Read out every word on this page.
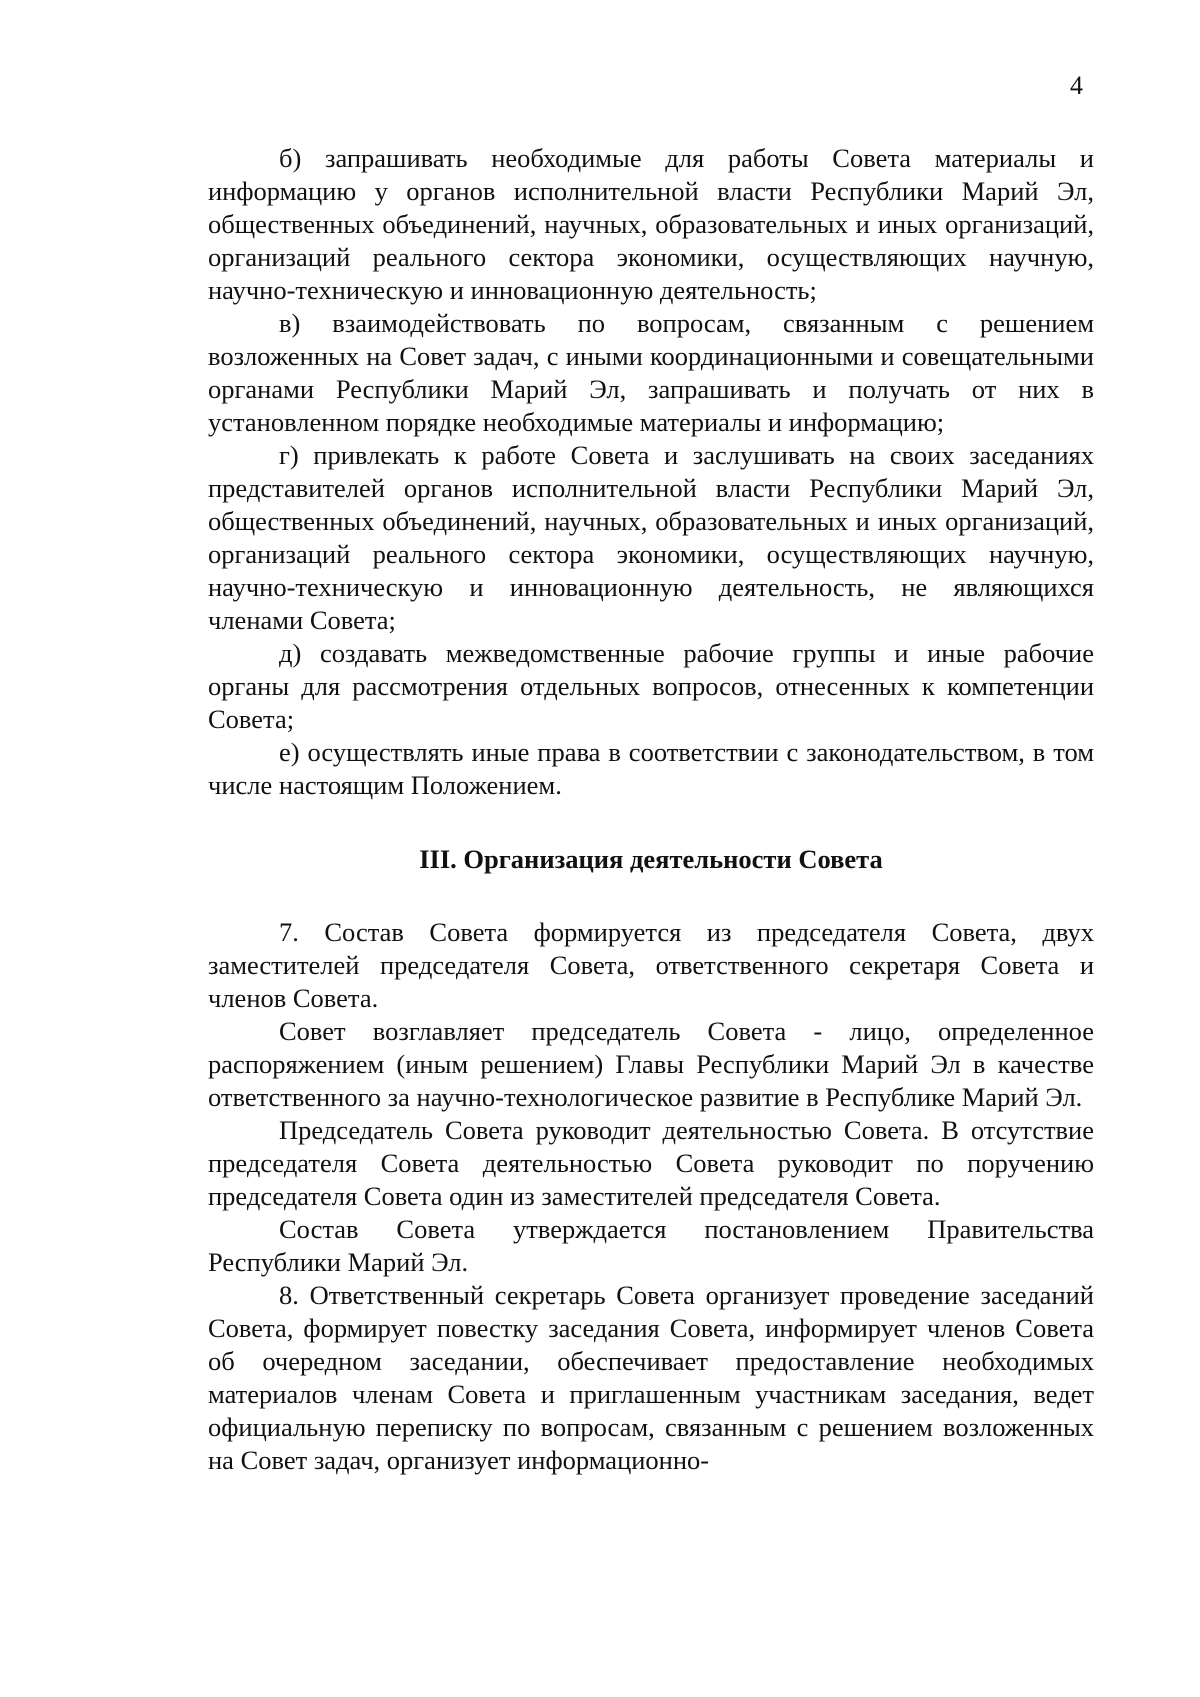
4

б) запрашивать необходимые для работы Совета материалы и информацию у органов исполнительной власти Республики Марий Эл, общественных объединений, научных, образовательных и иных организаций, организаций реального сектора экономики, осуществляющих научную, научно-техническую и инновационную деятельность;

в) взаимодействовать по вопросам, связанным с решением возложенных на Совет задач, с иными координационными и совещательными органами Республики Марий Эл, запрашивать и получать от них в установленном порядке необходимые материалы и информацию;

г) привлекать к работе Совета и заслушивать на своих заседаниях представителей органов исполнительной власти Республики Марий Эл, общественных объединений, научных, образовательных и иных организаций, организаций реального сектора экономики, осуществляющих научную, научно-техническую и инновационную деятельность, не являющихся членами Совета;

д) создавать межведомственные рабочие группы и иные рабочие органы для рассмотрения отдельных вопросов, отнесенных к компетенции Совета;

е) осуществлять иные права в соответствии с законодательством, в том числе настоящим Положением.

III. Организация деятельности Совета

7. Состав Совета формируется из председателя Совета, двух заместителей председателя Совета, ответственного секретаря Совета и членов Совета.

Совет возглавляет председатель Совета - лицо, определенное распоряжением (иным решением) Главы Республики Марий Эл в качестве ответственного за научно-технологическое развитие в Республике Марий Эл.

Председатель Совета руководит деятельностью Совета. В отсутствие председателя Совета деятельностью Совета руководит по поручению председателя Совета один из заместителей председателя Совета.

Состав Совета утверждается постановлением Правительства Республики Марий Эл.

8. Ответственный секретарь Совета организует проведение заседаний Совета, формирует повестку заседания Совета, информирует членов Совета об очередном заседании, обеспечивает предоставление необходимых материалов членам Совета и приглашенным участникам заседания, ведет официальную переписку по вопросам, связанным с решением возложенных на Совет задач, организует информационно-
